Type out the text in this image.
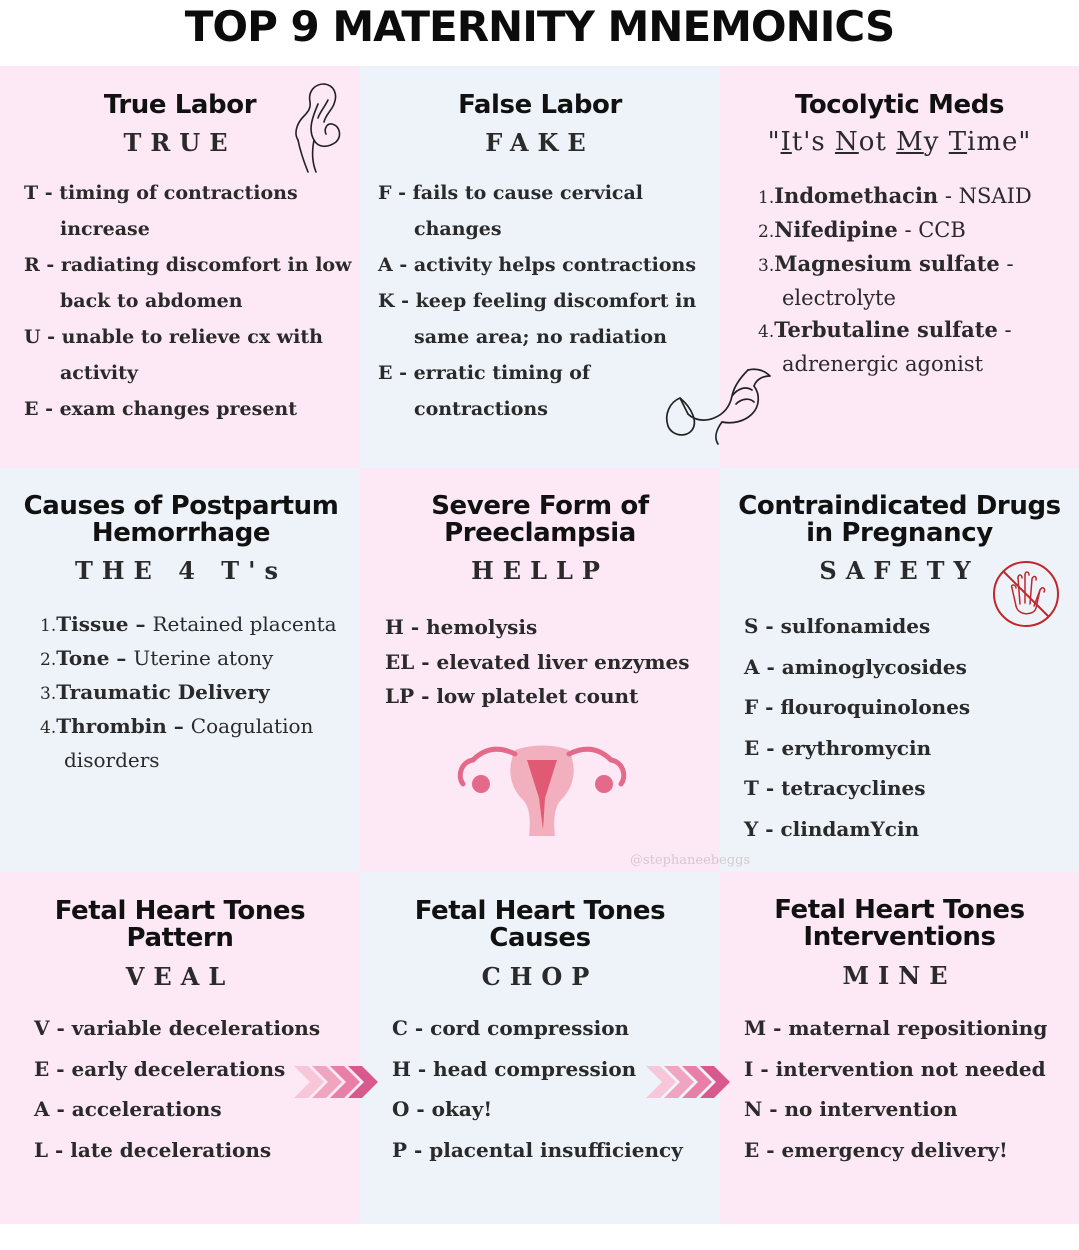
TOP 9 MATERNITY MNEMONICS
True Labor
TRUE
T - timing of contractions increase
R - radiating discomfort in low back to abdomen
U - unable to relieve cx with activity
E - exam changes present
False Labor
FAKE
F - fails to cause cervical changes
A - activity helps contractions
K - keep feeling discomfort in same area; no radiation
E - erratic timing of contractions
Tocolytic Meds
"It's Not My Time"
1.Indomethacin - NSAID
2.Nifedipine - CCB
3.Magnesium sulfate - electrolyte
4.Terbutaline sulfate - adrenergic agonist
Causes of Postpartum
Hemorrhage
THE 4 T's
1.Tissue – Retained placenta
2.Tone – Uterine atony
3.Traumatic Delivery
4.Thrombin – Coagulation disorders
Severe Form of
Preeclampsia
HELLP
H - hemolysis
EL - elevated liver enzymes
LP - low platelet count
Contraindicated Drugs
in Pregnancy
SAFETY
S - sulfonamides
A - aminoglycosides
F - flouroquinolones
E - erythromycin
T - tetracyclines
Y - clindamYcin
@stephaneebeggs
Fetal Heart Tones
Pattern
VEAL
V - variable decelerations
E - early decelerations
A - accelerations
L - late decelerations
Fetal Heart Tones
Causes
CHOP
C - cord compression
H - head compression
O - okay!
P - placental insufficiency
Fetal Heart Tones
Interventions
MINE
M - maternal repositioning
I - intervention not needed
N - no intervention
E - emergency delivery!
